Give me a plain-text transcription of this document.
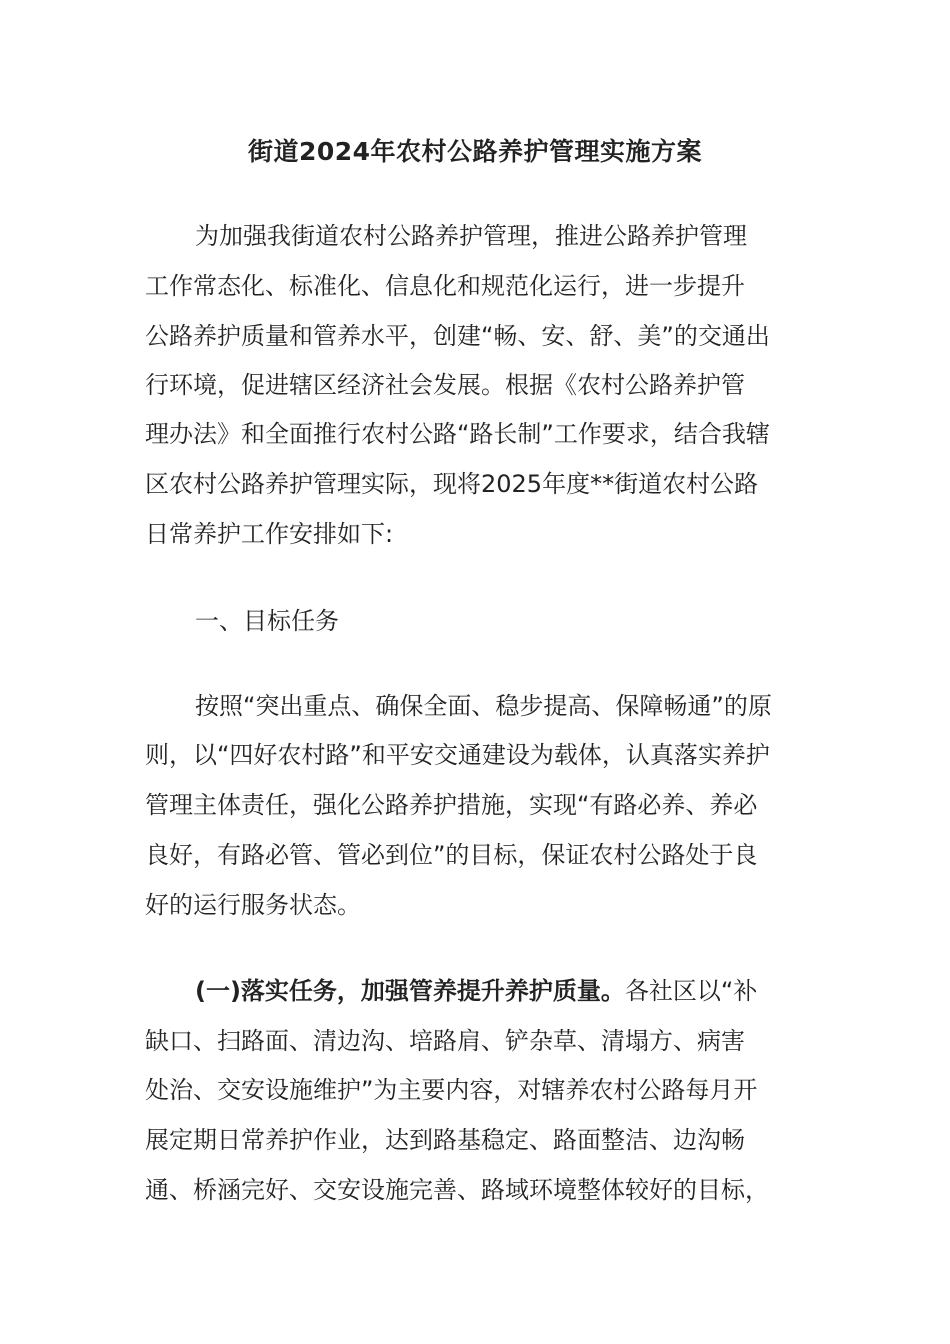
街道2024年农村公路养护管理实施方案
为加强我街道农村公路养护管理，推进公路养护管理
工作常态化、标准化、信息化和规范化运行，进一步提升
公路养护质量和管养水平，创建“畅、安、舒、美”的交通出
行环境，促进辖区经济社会发展。根据《农村公路养护管
理办法》和全面推行农村公路“路长制”工作要求，结合我辖
区农村公路养护管理实际，现将2025年度**街道农村公路
日常养护工作安排如下:
一、目标任务
按照“突出重点、确保全面、稳步提高、保障畅通”的原
则，以“四好农村路”和平安交通建设为载体，认真落实养护
管理主体责任，强化公路养护措施，实现“有路必养、养必
良好，有路必管、管必到位”的目标，保证农村公路处于良
好的运行服务状态。
(一)落实任务，加强管养提升养护质量。各社区以“补
缺口、扫路面、清边沟、培路肩、铲杂草、清塌方、病害
处治、交安设施维护”为主要内容，对辖养农村公路每月开
展定期日常养护作业，达到路基稳定、路面整洁、边沟畅
通、桥涵完好、交安设施完善、路域环境整体较好的目标，
